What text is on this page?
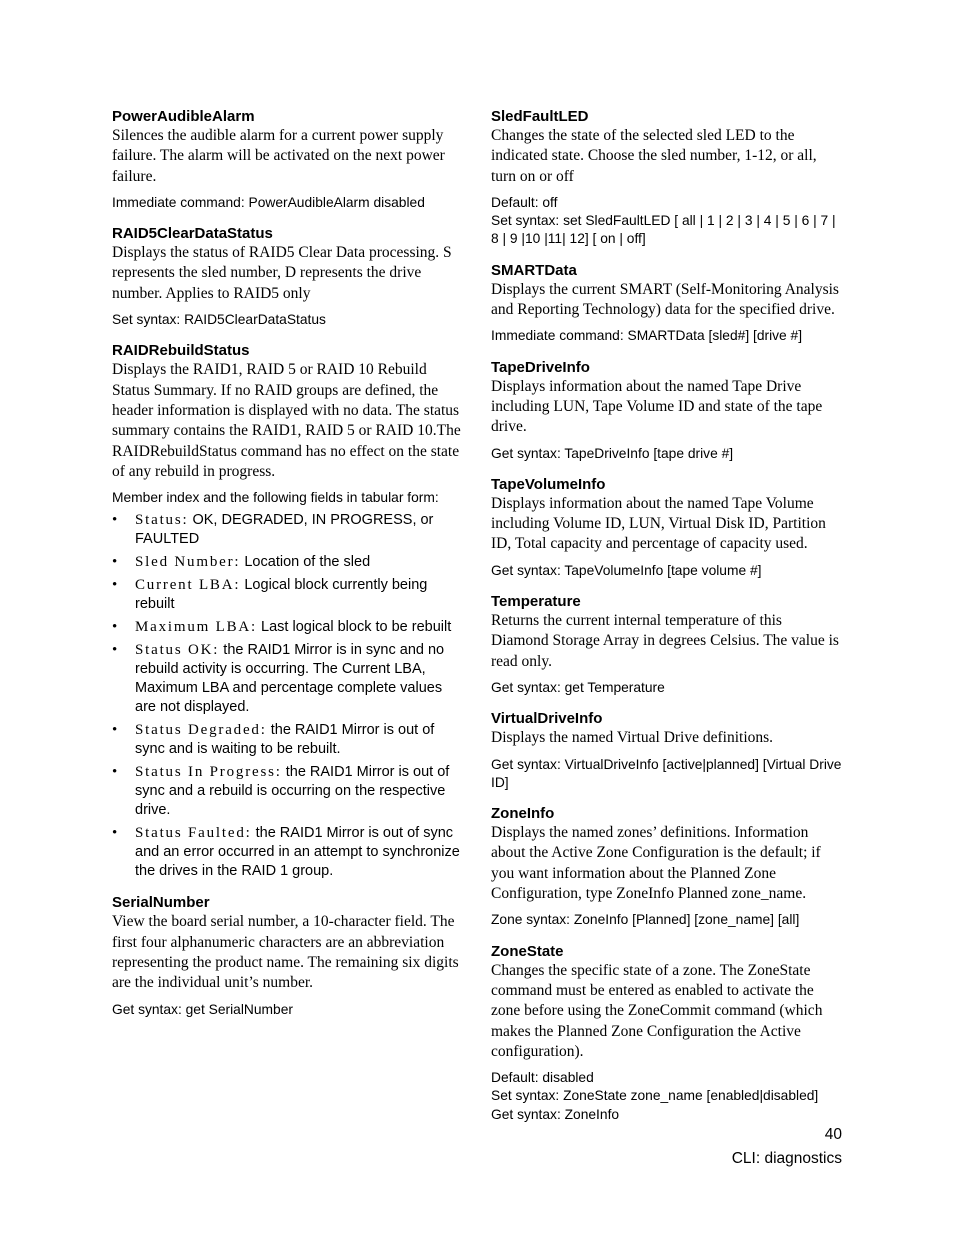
PowerAudibleAlarm

Silences the audible alarm for a current power supply failure. The alarm will be activated on the next power failure.

Immediate command: PowerAudibleAlarm disabled

RAID5ClearDataStatus

Displays the status of RAID5 Clear Data processing. S represents the sled number, D represents the drive number. Applies to RAID5 only

Set syntax: RAID5ClearDataStatus

RAIDRebuildStatus

Displays the RAID1, RAID 5 or RAID 10 Rebuild Status Summary. If no RAID groups are defined, the header information is displayed with no data. The status summary contains the RAID1, RAID 5 or RAID 10.The RAIDRebuildStatus command has no effect on the state of any rebuild in progress.

Member index and the following fields in tabular form:

• Status: OK, DEGRADED, IN PROGRESS, or FAULTED
• Sled Number: Location of the sled
• Current LBA: Logical block currently being rebuilt
• Maximum LBA: Last logical block to be rebuilt
• Status OK: the RAID1 Mirror is in sync and no rebuild activity is occurring. The Current LBA, Maximum LBA and percentage complete values are not displayed.
• Status Degraded: the RAID1 Mirror is out of sync and is waiting to be rebuilt.
• Status In Progress: the RAID1 Mirror is out of sync and a rebuild is occurring on the respective drive.
• Status Faulted: the RAID1 Mirror is out of sync and an error occurred in an attempt to synchronize the drives in the RAID 1 group.

SerialNumber

View the board serial number, a 10-character field. The first four alphanumeric characters are an abbreviation representing the product name. The remaining six digits are the individual unit’s number.

Get syntax: get SerialNumber

SledFaultLED

Changes the state of the selected sled LED to the indicated state. Choose the sled number, 1-12, or all, turn on or off

Default: off

Set syntax: set SledFaultLED [ all | 1 | 2 | 3 | 4 | 5 | 6 | 7 | 8 | 9 |10 |11| 12] [ on | off]

SMARTData

Displays the current SMART (Self-Monitoring Analysis and Reporting Technology) data for the specified drive.

Immediate command: SMARTData [sled#] [drive #]

TapeDriveInfo

Displays information about the named Tape Drive including LUN, Tape Volume ID and state of the tape drive.

Get syntax: TapeDriveInfo [tape drive #]

TapeVolumeInfo

Displays information about the named Tape Volume including Volume ID, LUN, Virtual Disk ID, Partition ID, Total capacity and percentage of capacity used.

Get syntax: TapeVolumeInfo [tape volume #]

Temperature

Returns the current internal temperature of this Diamond Storage Array in degrees Celsius. The value is read only.

Get syntax: get Temperature

VirtualDriveInfo

Displays the named Virtual Drive definitions.

Get syntax: VirtualDriveInfo [active|planned] [Virtual Drive ID]

ZoneInfo

Displays the named zones’ definitions. Information about the Active Zone Configuration is the default; if you want information about the Planned Zone Configuration, type ZoneInfo Planned zone_name.

Zone syntax: ZoneInfo [Planned] [zone_name] [all]

ZoneState

Changes the specific state of a zone. The ZoneState command must be entered as enabled to activate the zone before using the ZoneCommit command (which makes the Planned Zone Configuration the Active configuration).

Default: disabled

Set syntax: ZoneState zone_name [enabled|disabled]

Get syntax: ZoneInfo

40
CLI: diagnostics
